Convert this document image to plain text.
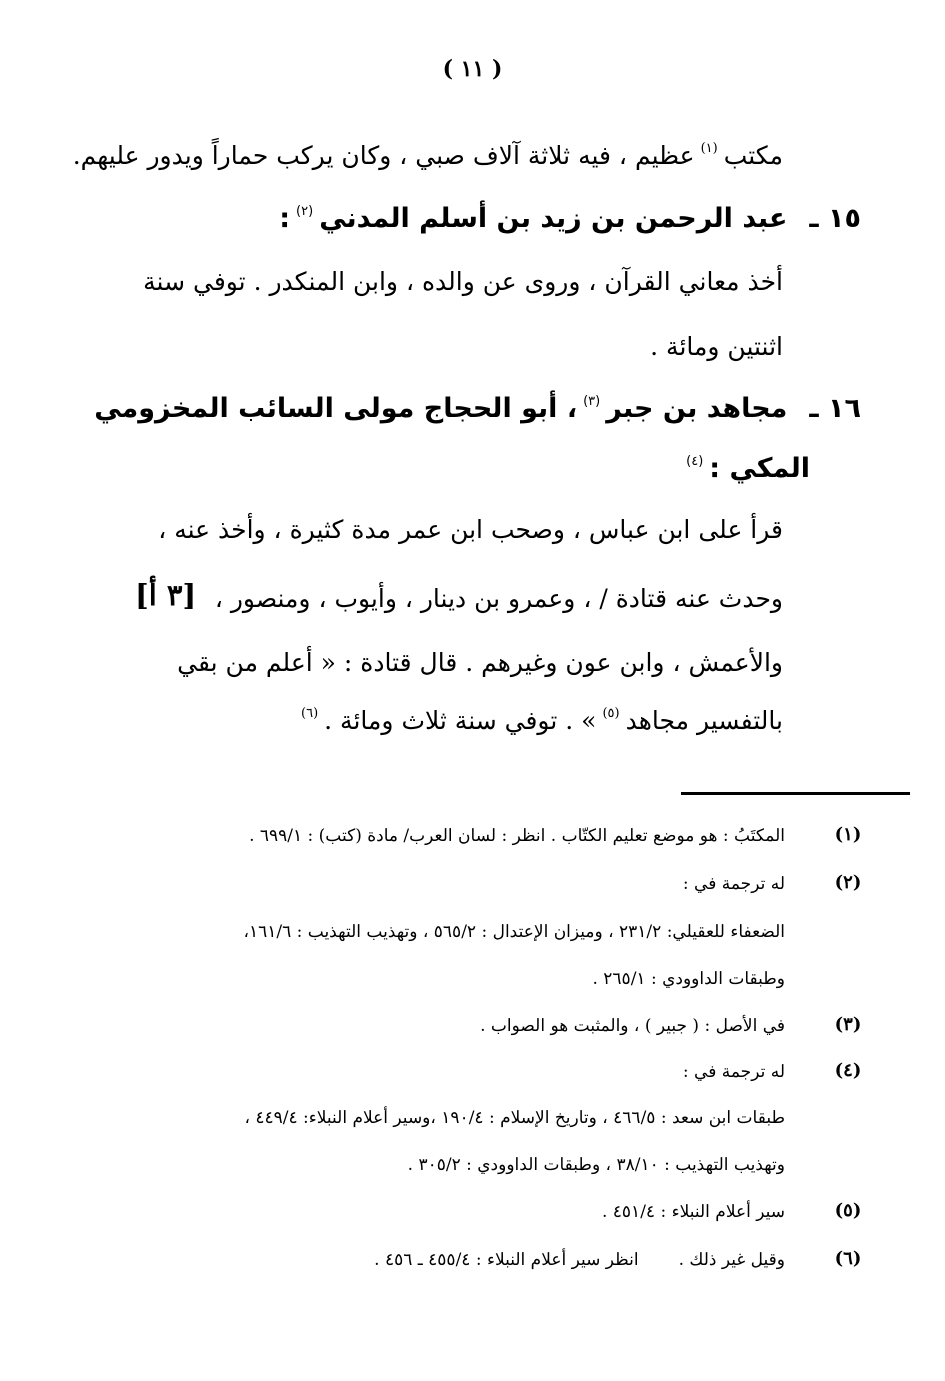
( ١١ )
مكتب$^{(١)}$عظيم ، فيه ثلاثة آلاف صبي ، وكان يركب حماراً ويدور عليهم.
١٥ ـعبد الرحمن بن زيد بن أسلم المدني$^{(٢)}$:
أخذ معاني القرآن ، وروى عن والده ، وابن المنكدر . توفي سنة
اثنتين ومائة .
١٦ ـمجاهد بن جبر$^{(٣)}$، أبو الحجاج مولى السائب المخزومي
المكي :$^{(٤)}$
قرأ على ابن عباس ، وصحب ابن عمر مدة كثيرة ، وأخذ عنه ،
وحدث عنه قتادة / ، وعمرو بن دينار ، وأيوب ، ومنصور ،
[٣ أ]
والأعمش ، وابن عون وغيرهم . قال قتادة : « أعلم من بقي
بالتفسير مجاهد$^{(٥)}$» . توفي سنة ثلاث ومائة .$^{(٦)}$
(١)
المكتَبُ : هو موضع تعليم الكتّاب . انظر : لسان العرب/ مادة (كتب) : ٦٩٩/١ .
(٢)
له ترجمة في :
الضعفاء للعقيلي: ٢٣١/٢ ، وميزان الإعتدال : ٥٦٥/٢ ، وتهذيب التهذيب : ١٦١/٦،
وطبقات الداوودي : ٢٦٥/١ .
(٣)
في الأصل : ( جبير ) ، والمثبت هو الصواب .
(٤)
له ترجمة في :
طبقات ابن سعد : ٤٦٦/٥ ، وتاريخ الإسلام : ١٩٠/٤ ،وسير أعلام النبلاء: ٤٤٩/٤ ،
وتهذيب التهذيب : ٣٨/١٠ ، وطبقات الداوودي : ٣٠٥/٢ .
(٥)
سير أعلام النبلاء : ٤٥١/٤ .
(٦)
وقيل غير ذلك .انظر سير أعلام النبلاء : ٤٥٥/٤ ـ ٤٥٦ .
